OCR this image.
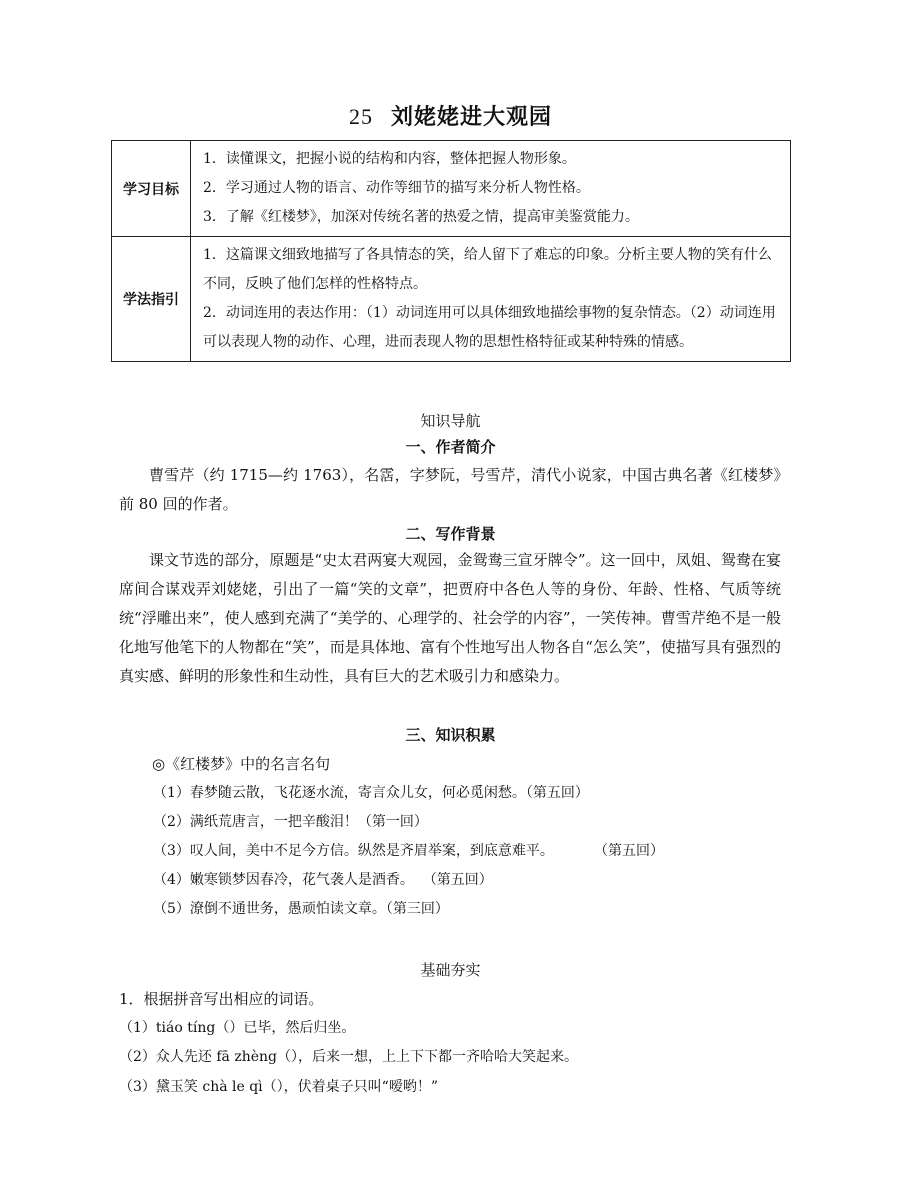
25 刘姥姥进大观园
学习目标	1．读懂课文，把握小说的结构和内容，整体把握人物形象。

2．学习通过人物的语言、动作等细节的描写来分析人物性格。

3．了解《红楼梦》，加深对传统名著的热爱之情，提高审美鉴赏能力。

学法指引	1．这篇课文细致地描写了各具情态的笑，给人留下了难忘的印象。分析主要人物的笑有什么不同，反映了他们怎样的性格特点。

2．动词连用的表达作用：（1）动词连用可以具体细致地描绘事物的复杂情态。（2）动词连用可以表现人物的动作、心理，进而表现人物的思想性格特征或某种特殊的情感。

知识导航
一、作者简介

曹雪芹（约 1715—约 1763），名霑，字梦阮，号雪芹，清代小说家，中国古典名著《红楼梦》前 80 回的作者。

二、写作背景

课文节选的部分，原题是“史太君两宴大观园，金鸳鸯三宣牙牌令”。这一回中，凤姐、鸳鸯在宴席间合谋戏弄刘姥姥，引出了一篇“笑的文章”，把贾府中各色人等的身份、年龄、性格、气质等统统“浮雕出来”，使人感到充满了“美学的、心理学的、社会学的内容”，一笑传神。曹雪芹绝不是一般化地写他笔下的人物都在“笑”，而是具体地、富有个性地写出人物各自“怎么笑”，使描写具有强烈的真实感、鲜明的形象性和生动性，具有巨大的艺术吸引力和感染力。

三、知识积累
◎《红楼梦》中的名言名句
（1）春梦随云散，飞花逐水流，寄言众儿女，何必觅闲愁。（第五回）
（2）满纸荒唐言，一把辛酸泪！（第一回）
（3）叹人间，美中不足今方信。纵然是齐眉举案，到底意难平。         （第五回）
（4）嫩寒锁梦因春冷，花气袭人是酒香。  （第五回）
（5）潦倒不通世务，愚顽怕读文章。（第三回）
基础夯实
1．根据拼音写出相应的词语。
（1）tiáo tíng（）已毕，然后归坐。
（2）众人先还 fā zhèng（），后来一想，上上下下都一齐哈哈大笑起来。
（3）黛玉笑 chà le qì（），伏着桌子只叫“嗳哟！”
